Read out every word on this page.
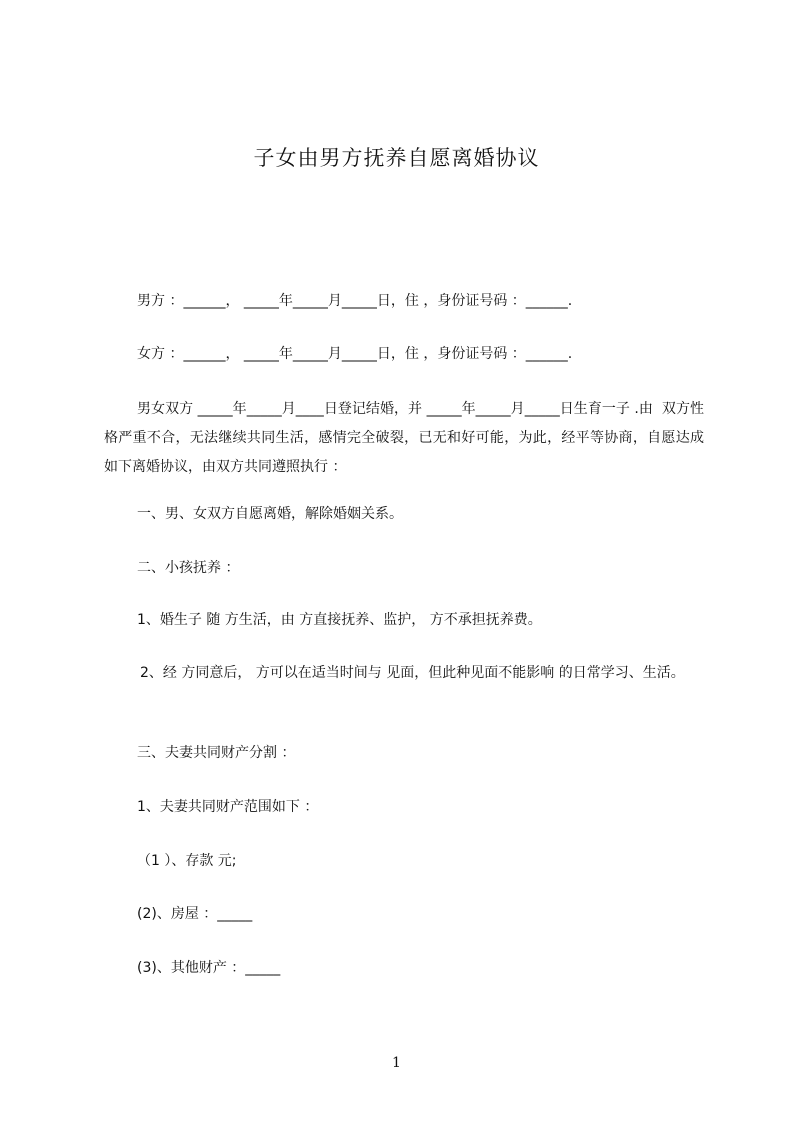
子女由男方抚养自愿离婚协议
男方 ：______， _____年_____月_____日，住 ，身份证号码 ：______.
女方 ：______， _____年_____月_____日，住 ，身份证号码 ：______.
男女双方 _____年_____月____日登记结婚，并 _____年_____月_____日生育一子 .由  双方性格严重不合，无法继续共同生活，感情完全破裂，已无和好可能，为此，经平等协商，自愿达成如下离婚协议，由双方共同遵照执行 ：
一、男、女双方自愿离婚，解除婚姻关系。
二、小孩抚养 ：
1、婚生子 随 方生活，由 方直接抚养、监护， 方不承担抚养费。
2、经 方同意后， 方可以在适当时间与 见面，但此种见面不能影响 的日常学习、生活。
三、夫妻共同财产分割 ：
1、夫妻共同财产范围如下 ：
（1 ）、存款 元;
(2)、房屋 ：_____
(3)、其他财产 ：_____
1
